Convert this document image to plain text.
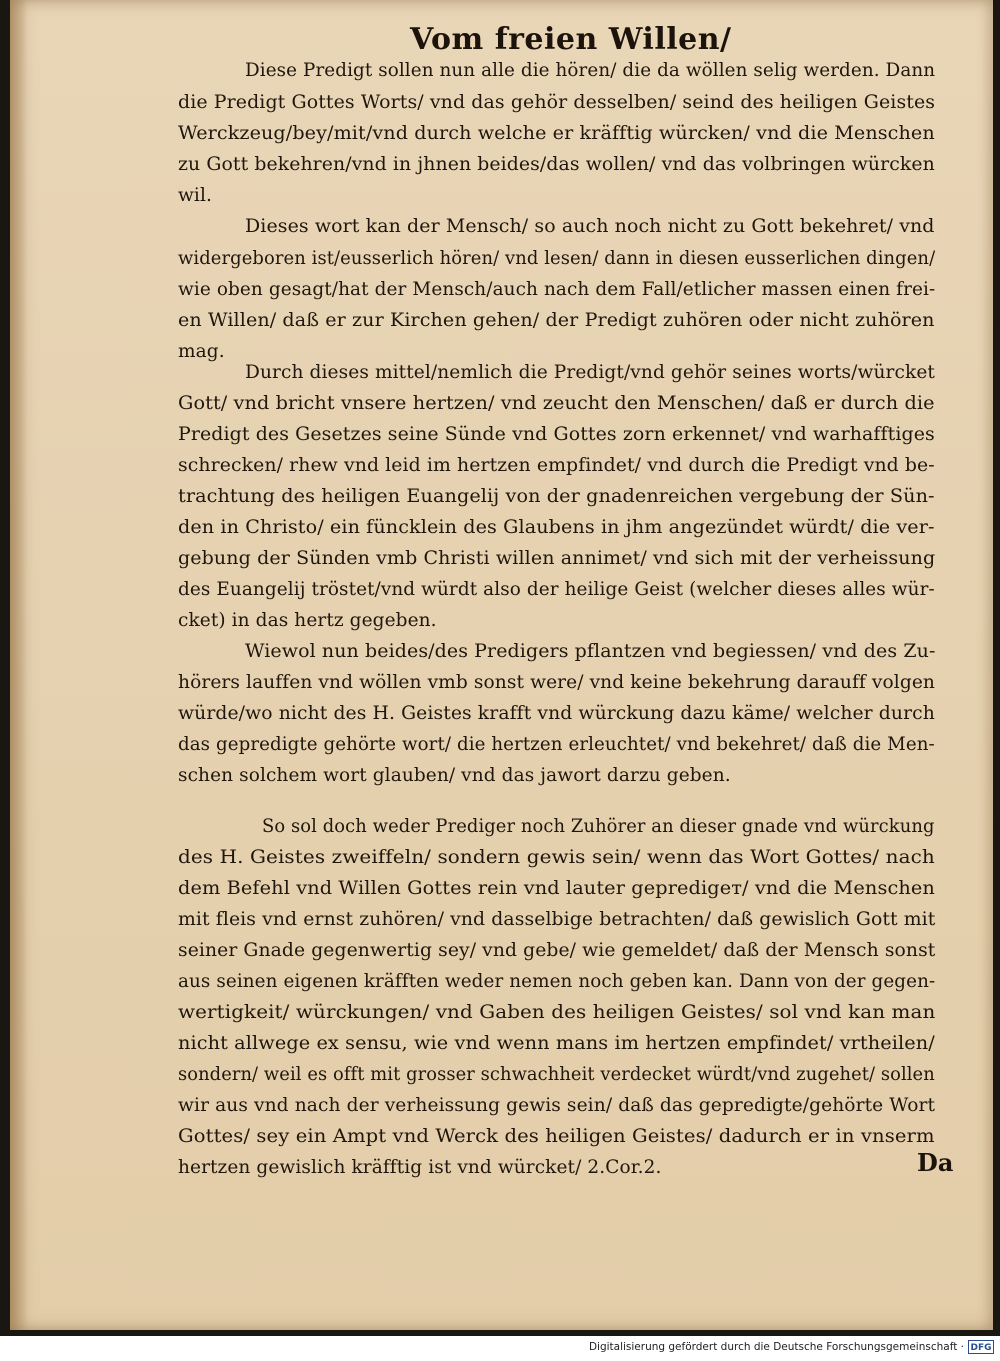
Vom freien Willen/
Diese Predigt sollen nun alle die hören/ die da wöllen selig werden. Dann
die Predigt Gottes Worts/ vnd das gehör desselben/ seind des heiligen Geistes
Werckzeug/bey/mit/vnd durch welche er kräfftig würcken/ vnd die Menschen
zu Gott bekehren/vnd in jhnen beides/das wollen/ vnd das volbringen würcken
wil.
Dieses wort kan der Mensch/ so auch noch nicht zu Gott bekehret/ vnd
widergeboren ist/eusserlich hören/ vnd lesen/ dann in diesen eusserlichen dingen/
wie oben gesagt/hat der Mensch/auch nach dem Fall/etlicher massen einen frei-
en Willen/ daß er zur Kirchen gehen/ der Predigt zuhören oder nicht zuhören
mag.
Durch dieses mittel/nemlich die Predigt/vnd gehör seines worts/würcket
Gott/ vnd bricht vnsere hertzen/ vnd zeucht den Menschen/ daß er durch die
Predigt des Gesetzes seine Sünde vnd Gottes zorn erkennet/ vnd warhafftiges
schrecken/ rhew vnd leid im hertzen empfindet/ vnd durch die Predigt vnd be-
trachtung des heiligen Euangelij von der gnadenreichen vergebung der Sün-
den in Christo/ ein füncklein des Glaubens in jhm angezündet würdt/ die ver-
gebung der Sünden vmb Christi willen annimet/ vnd sich mit der verheissung
des Euangelij tröstet/vnd würdt also der heilige Geist (welcher dieses alles wür-
cket) in das hertz gegeben.
Wiewol nun beides/des Predigers pflantzen vnd begiessen/ vnd des Zu-
hörers lauffen vnd wöllen vmb sonst were/ vnd keine bekehrung darauff volgen
würde/wo nicht des H. Geistes krafft vnd würckung dazu käme/ welcher durch
das gepredigte gehörte wort/ die hertzen erleuchtet/ vnd bekehret/ daß die Men-
schen solchem wort glauben/ vnd das jawort darzu geben.
So sol doch weder Prediger noch Zuhörer an dieser gnade vnd würckung
des H. Geistes zweiffeln/ sondern gewis sein/ wenn das Wort Gottes/ nach
dem Befehl vnd Willen Gottes rein vnd lauter gepredigeт/ vnd die Menschen
mit fleis vnd ernst zuhören/ vnd dasselbige betrachten/ daß gewislich Gott mit
seiner Gnade gegenwertig sey/ vnd gebe/ wie gemeldet/ daß der Mensch sonst
aus seinen eigenen kräfften weder nemen noch geben kan. Dann von der gegen-
wertigkeit/ würckungen/ vnd Gaben des heiligen Geistes/ sol vnd kan man
nicht allwege ex sensu, wie vnd wenn mans im hertzen empfindet/ vrtheilen/
sondern/ weil es offt mit grosser schwachheit verdecket würdt/vnd zugehet/ sollen
wir aus vnd nach der verheissung gewis sein/ daß das gepredigte/gehörte Wort
Gottes/ sey ein Ampt vnd Werck des heiligen Geistes/ dadurch er in vnserm
hertzen gewislich kräfftig ist vnd würcket/ 2.Cor.2.	Da
Digitalisierung gefördert durch die Deutsche Forschungsgemeinschaft · DFG
